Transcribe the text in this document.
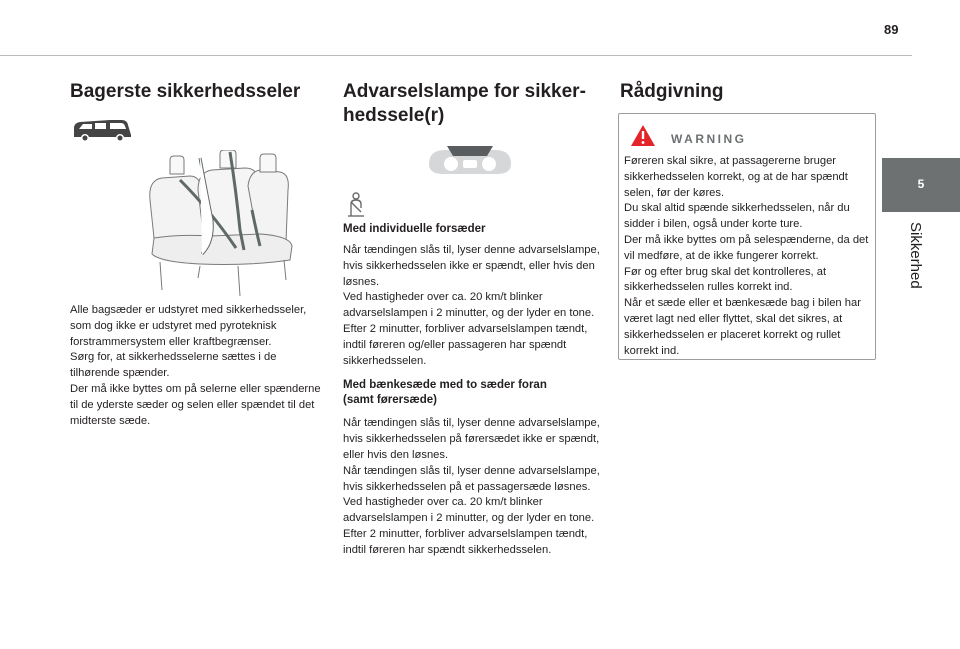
89
5
Sikkerhed
Bagerste sikkerhedsseler
Alle bagsæder er udstyret med sikkerhedsseler, som dog ikke er udstyret med pyroteknisk forstrammersystem eller kraftbegrænser.
Sørg for, at sikkerhedsselerne sættes i de tilhørende spænder.
Der må ikke byttes om på selerne eller spænderne til de yderste sæder og selen eller spændet til det midterste sæde.
Advarselslampe for sikker-
hedssele(r)
Med individuelle forsæder
Når tændingen slås til, lyser denne advarselslampe, hvis sikkerhedsselen ikke er spændt, eller hvis den løsnes.
Ved hastigheder over ca. 20 km/t blinker advarselslampen i 2 minutter, og der lyder en tone.
Efter 2 minutter, forbliver advarselslampen tændt, indtil føreren og/eller passageren har spændt sikkerhedsselen.
Med bænkesæde med to sæder foran
(samt førersæde)
Når tændingen slås til, lyser denne advarselslampe, hvis sikkerhedsselen på førersædet ikke er spændt, eller hvis den løsnes.
Når tændingen slås til, lyser denne advarselslampe, hvis sikkerhedsselen på et passagersæde løsnes.
Ved hastigheder over ca. 20 km/t blinker advarselslampen i 2 minutter, og der lyder en tone.
Efter 2 minutter, forbliver advarselslampen tændt, indtil føreren har spændt sikkerhedsselen.
Rådgivning
WARNING
Føreren skal sikre, at passagererne bruger sikkerhedsselen korrekt, og at de har spændt selen, før der køres.
Du skal altid spænde sikkerhedsselen, når du sidder i bilen, også under korte ture.
Der må ikke byttes om på selespænderne, da det vil medføre, at de ikke fungerer korrekt.
Før og efter brug skal det kontrolleres, at sikkerhedsselen rulles korrekt ind.
Når et sæde eller et bænkesæde bag i bilen har været lagt ned eller flyttet, skal det sikres, at sikkerhedsselen er placeret korrekt og rullet korrekt ind.
